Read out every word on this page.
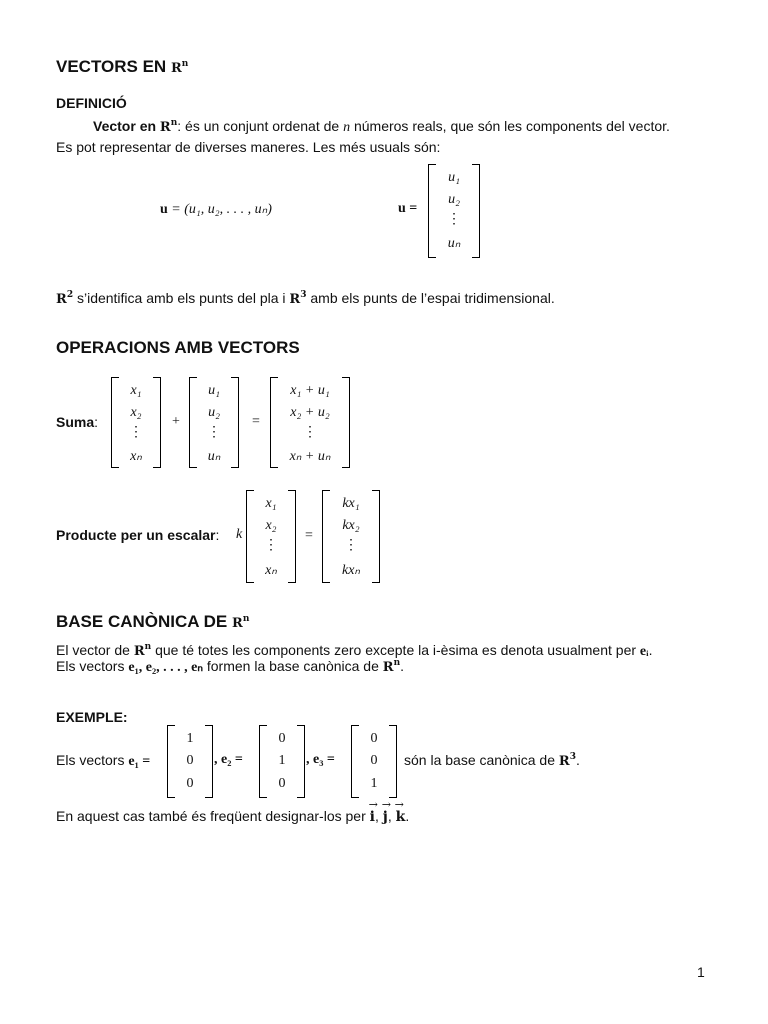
VECTORS EN $R^n$
DEFINICIÓ
Vector en $R^n$: és un conjunt ordenat de n números reals, que són les components del vector.
Es pot representar de diverses maneres. Les més usuals són:
u = (u₁, u₂, . . . , uₙ)	u =
u₁
u₂
⋮
uₙ
$R^2$ s’identifica amb els punts del pla i $R^3$ amb els punts de l’espai tridimensional.
OPERACIONS AMB VECTORS
Suma:
x₁
x₂
⋮
xₙ
+
u₁
u₂
⋮
uₙ
=
x₁ + u₁
x₂ + u₂
⋮
xₙ + uₙ
Producte per un escalar: k
x₁
x₂
⋮
xₙ
=
kx₁
kx₂
⋮
kxₙ
BASE CANÒNICA DE $R^n$
El vector de $R^n$ que té totes les components zero excepte la i-èsima es denota usualment per eᵢ.
Els vectors e₁, e₂, . . . , eₙ formen la base canònica de $R^n$.
EXEMPLE:
Els vectors e₁ =
1
0
0
, e₂ =
0
1
0
, e₃ =
0
0
1
són la base canònica de $R^3$.
En aquest cas també és freqüent designar-los per → i, → j, → k.
1
